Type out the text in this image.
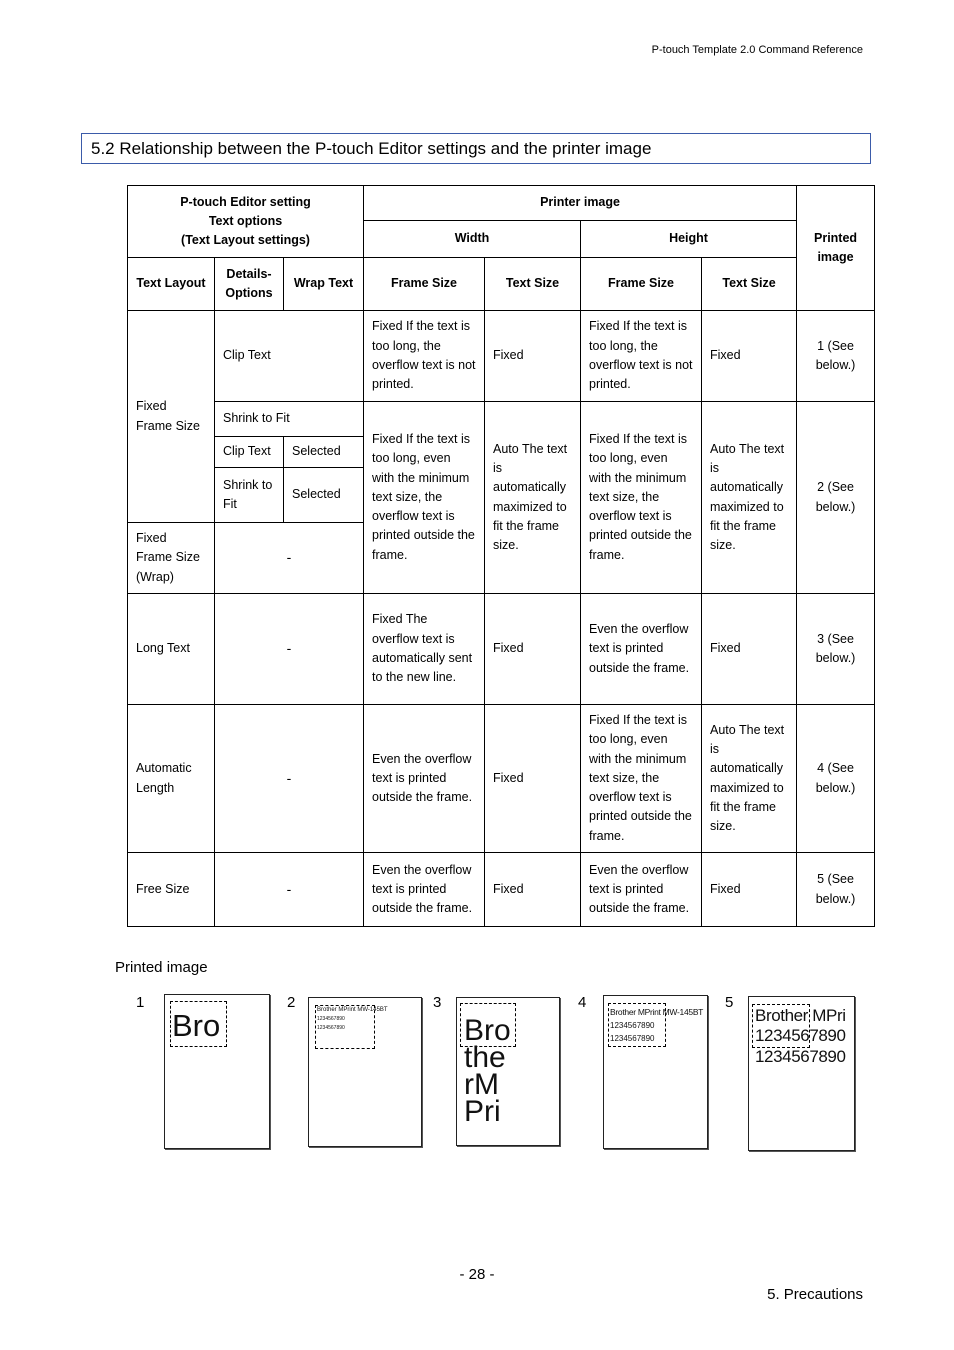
P-touch Template 2.0 Command Reference
5.2 Relationship between the P-touch Editor settings and the printer image
P-touch Editor setting
Text options
(Text Layout settings)			Printer image				Printed image
			Width		Height		
Text Layout	Details-Options	Wrap Text	Frame Size	Text Size	Frame Size	Text Size	
Fixed Frame Size	Clip Text		Fixed If the text is too long, the overflow text is not printed.	Fixed	Fixed If the text is too long, the overflow text is not printed.	Fixed	1 (See below.)
	Shrink to Fit		Fixed If the text is too long, even with the minimum text size, the overflow text is printed outside the frame.	Auto The text is automatically maximized to fit the frame size.	Fixed If the text is too long, even with the minimum text size, the overflow text is printed outside the frame.	Auto The text is automatically maximized to fit the frame size.	2 (See below.)
	Clip Text	Selected					
	Shrink to Fit	Selected					
Fixed Frame Size (Wrap)	-						
Long Text	-		Fixed The overflow text is automatically sent to the new line.	Fixed	Even the overflow text is printed outside the frame.	Fixed	3 (See below.)
Automatic Length	-		Even the overflow text is printed outside the frame.	Fixed	Fixed If the text is too long, even with the minimum text size, the overflow text is printed outside the frame.	Auto The text is automatically maximized to fit the frame size.	4 (See below.)
Free Size	-		Even the overflow text is printed outside the frame.	Fixed	Even the overflow text is printed outside the frame.	Fixed	5 (See below.)
Printed image
1
Bro
2	Brother MPrint MW-145BT
1234567890
1234567890
3
Bro
the
rM
Pri
4
Brother MPrint MW-145BT
1234567890
1234567890
5
Brother MPri
1234567890
1234567890
- 28 -
5. Precautions
